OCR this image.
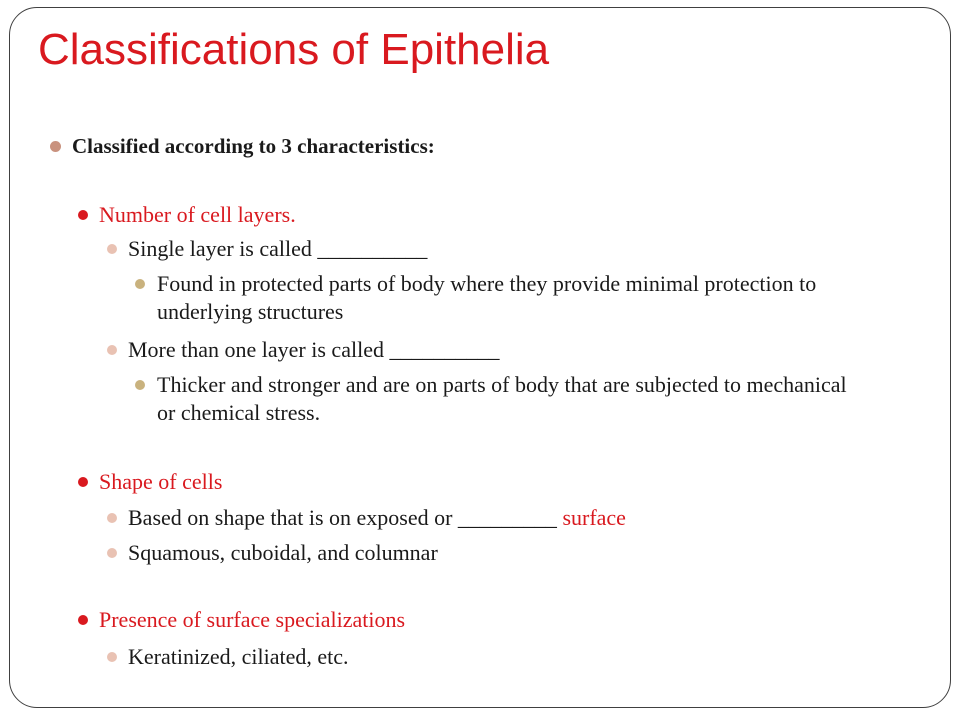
Classifications of Epithelia
Classified according to 3 characteristics:
Number of cell layers.
Single layer is called __________
Found in protected parts of body where they provide minimal protection to underlying structures
More than one layer is called __________
Thicker and stronger and are on parts of body that are subjected to mechanical or chemical stress.
Shape of cells
Based on shape that is on exposed or _________ surface
Squamous, cuboidal, and columnar
Presence of surface specializations
Keratinized, ciliated, etc.
